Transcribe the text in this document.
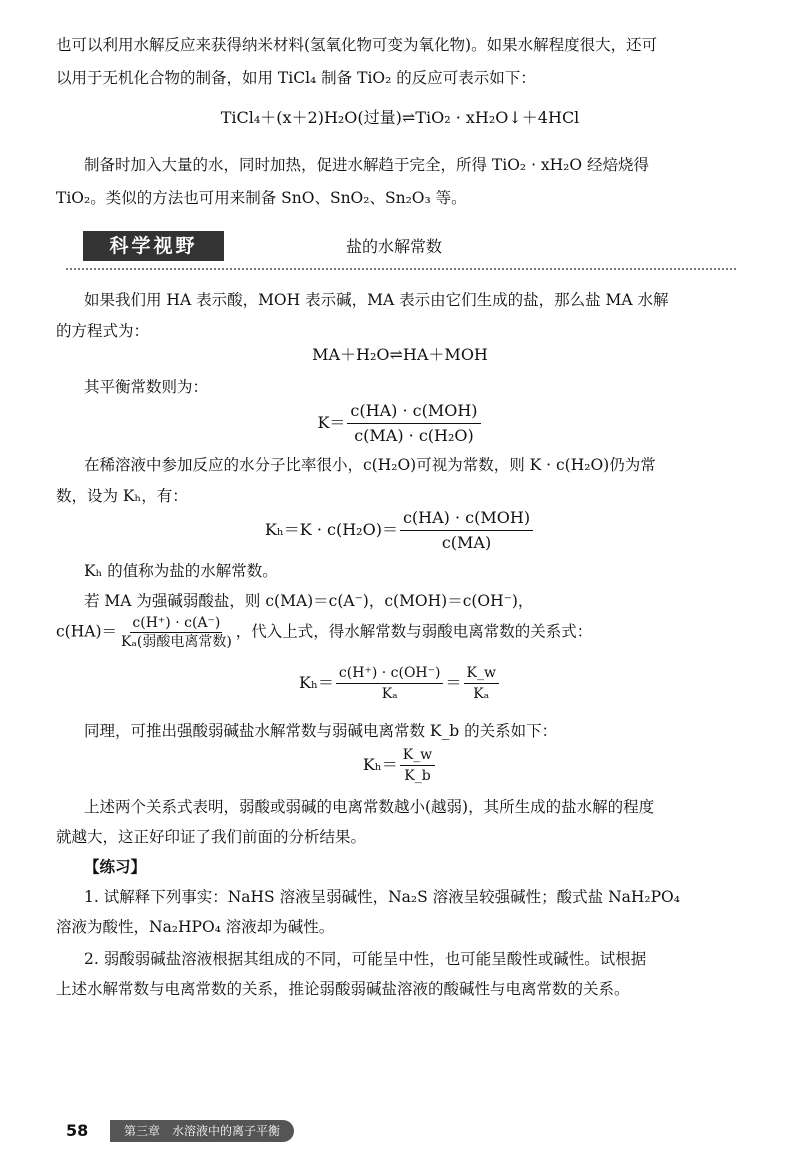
也可以利用水解反应来获得纳米材料(氢氧化物可变为氧化物)。如果水解程度很大，还可

以用于无机化合物的制备，如用 TiCl₄ 制备 TiO₂ 的反应可表示如下：

TiCl₄＋(x＋2)H₂O(过量)⇌TiO₂ · xH₂O↓＋4HCl

制备时加入大量的水，同时加热，促进水解趋于完全，所得 TiO₂ · xH₂O 经焙烧得

TiO₂。类似的方法也可用来制备 SnO、SnO₂、Sn₂O₃ 等。

科学视野	盐的水解常数

如果我们用 HA 表示酸，MOH 表示碱，MA 表示由它们生成的盐，那么盐 MA 水解

的方程式为：

MA＋H₂O⇌HA＋MOH

其平衡常数则为：

$K= \frac{\text{c(HA) · c(MOH)}}{\text{c(MA) · c(H₂O)}}$

在稀溶液中参加反应的水分子比率很小，c(H₂O)可视为常数，则 K · c(H₂O)仍为常

数，设为 Kₕ，有：

$K_h=K \cdot c(H_2O)= \frac{\text{c(HA) · c(MOH)}}{c(MA)}$

Kₕ 的值称为盐的水解常数。

若 MA 为强碱弱酸盐，则 c(MA)＝c(A⁻)，c(MOH)＝c(OH⁻)，

$c(HA)= \frac{c(H^+) \cdot c(A^-)}{\text{Kₐ(弱酸电离常数)}}$ ，代入上式，得水解常数与弱酸电离常数的关系式：
$K_h= \frac{c(H^+) \cdot c(OH^-)}{\text{Kₐ}} = \frac{K\_w}{\text{Kₐ}}$

同理，可推出强酸弱碱盐水解常数与弱碱电离常数 K_b 的关系如下：

$K_h= \frac{K\_w}{K\_b}$

上述两个关系式表明，弱酸或弱碱的电离常数越小(越弱)，其所生成的盐水解的程度

就越大，这正好印证了我们前面的分析结果。

【练习】

1. 试解释下列事实：NaHS 溶液呈弱碱性，Na₂S 溶液呈较强碱性；酸式盐 NaH₂PO₄

溶液为酸性，Na₂HPO₄ 溶液却为碱性。

2. 弱酸弱碱盐溶液根据其组成的不同，可能呈中性，也可能呈酸性或碱性。试根据

上述水解常数与电离常数的关系，推论弱酸弱碱盐溶液的酸碱性与电离常数的关系。

58	第三章　水溶液中的离子平衡
